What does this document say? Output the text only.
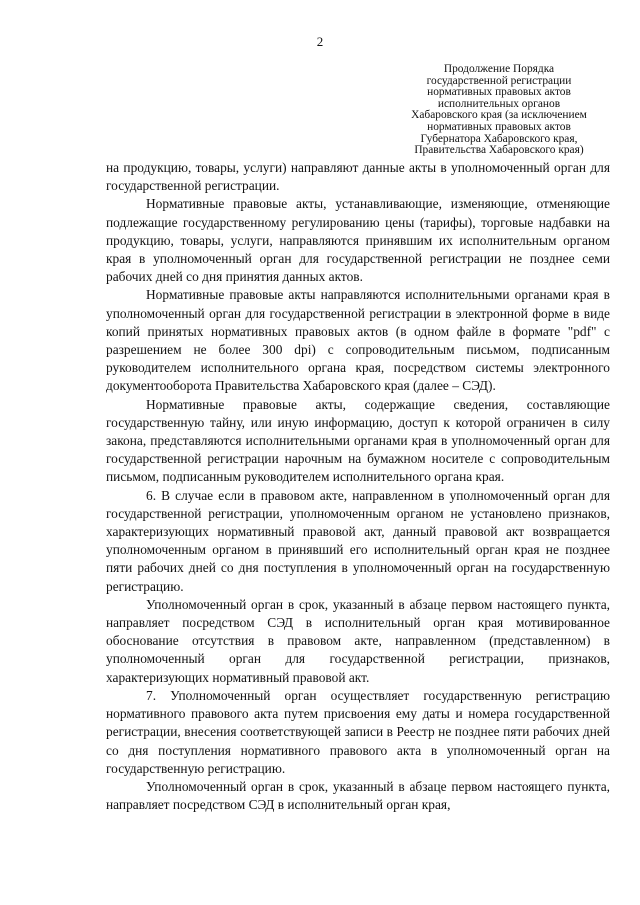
2
Продолжение Порядка
государственной регистрации
нормативных правовых актов
исполнительных органов
Хабаровского края (за исключением
нормативных правовых актов
Губернатора Хабаровского края,
Правительства Хабаровского края)

на продукцию, товары, услуги) направляют данные акты в уполномоченный орган для государственной регистрации.

Нормативные правовые акты, устанавливающие, изменяющие, отменяющие подлежащие государственному регулированию цены (тарифы), торговые надбавки на продукцию, товары, услуги, направляются принявшим их исполнительным органом края в уполномоченный орган для государственной регистрации не позднее семи рабочих дней со дня принятия данных актов.

Нормативные правовые акты направляются исполнительными органами края в уполномоченный орган для государственной регистрации в электронной форме в виде копий принятых нормативных правовых актов (в одном файле в формате "pdf" с разрешением не более 300 dpi) с сопроводительным письмом, подписанным руководителем исполнительного органа края, посредством системы электронного документооборота Правительства Хабаровского края (далее – СЭД).

Нормативные правовые акты, содержащие сведения, составляющие государственную тайну, или иную информацию, доступ к которой ограничен в силу закона, представляются исполнительными органами края в уполномоченный орган для государственной регистрации нарочным на бумажном носителе с сопроводительным письмом, подписанным руководителем исполнительного органа края.

6. В случае если в правовом акте, направленном в уполномоченный орган для государственной регистрации, уполномоченным органом не установлено признаков, характеризующих нормативный правовой акт, данный правовой акт возвращается уполномоченным органом в принявший его исполнительный орган края не позднее пяти рабочих дней со дня поступления в уполномоченный орган на государственную регистрацию.

Уполномоченный орган в срок, указанный в абзаце первом настоящего пункта, направляет посредством СЭД в исполнительный орган края мотивированное обоснование отсутствия в правовом акте, направленном (представленном) в уполномоченный орган для государственной регистрации, признаков, характеризующих нормативный правовой акт.

7. Уполномоченный орган осуществляет государственную регистрацию нормативного правового акта путем присвоения ему даты и номера государственной регистрации, внесения соответствующей записи в Реестр не позднее пяти рабочих дней со дня поступления нормативного правового акта в уполномоченный орган на государственную регистрацию.

Уполномоченный орган в срок, указанный в абзаце первом настоящего пункта, направляет посредством СЭД в исполнительный орган края,
